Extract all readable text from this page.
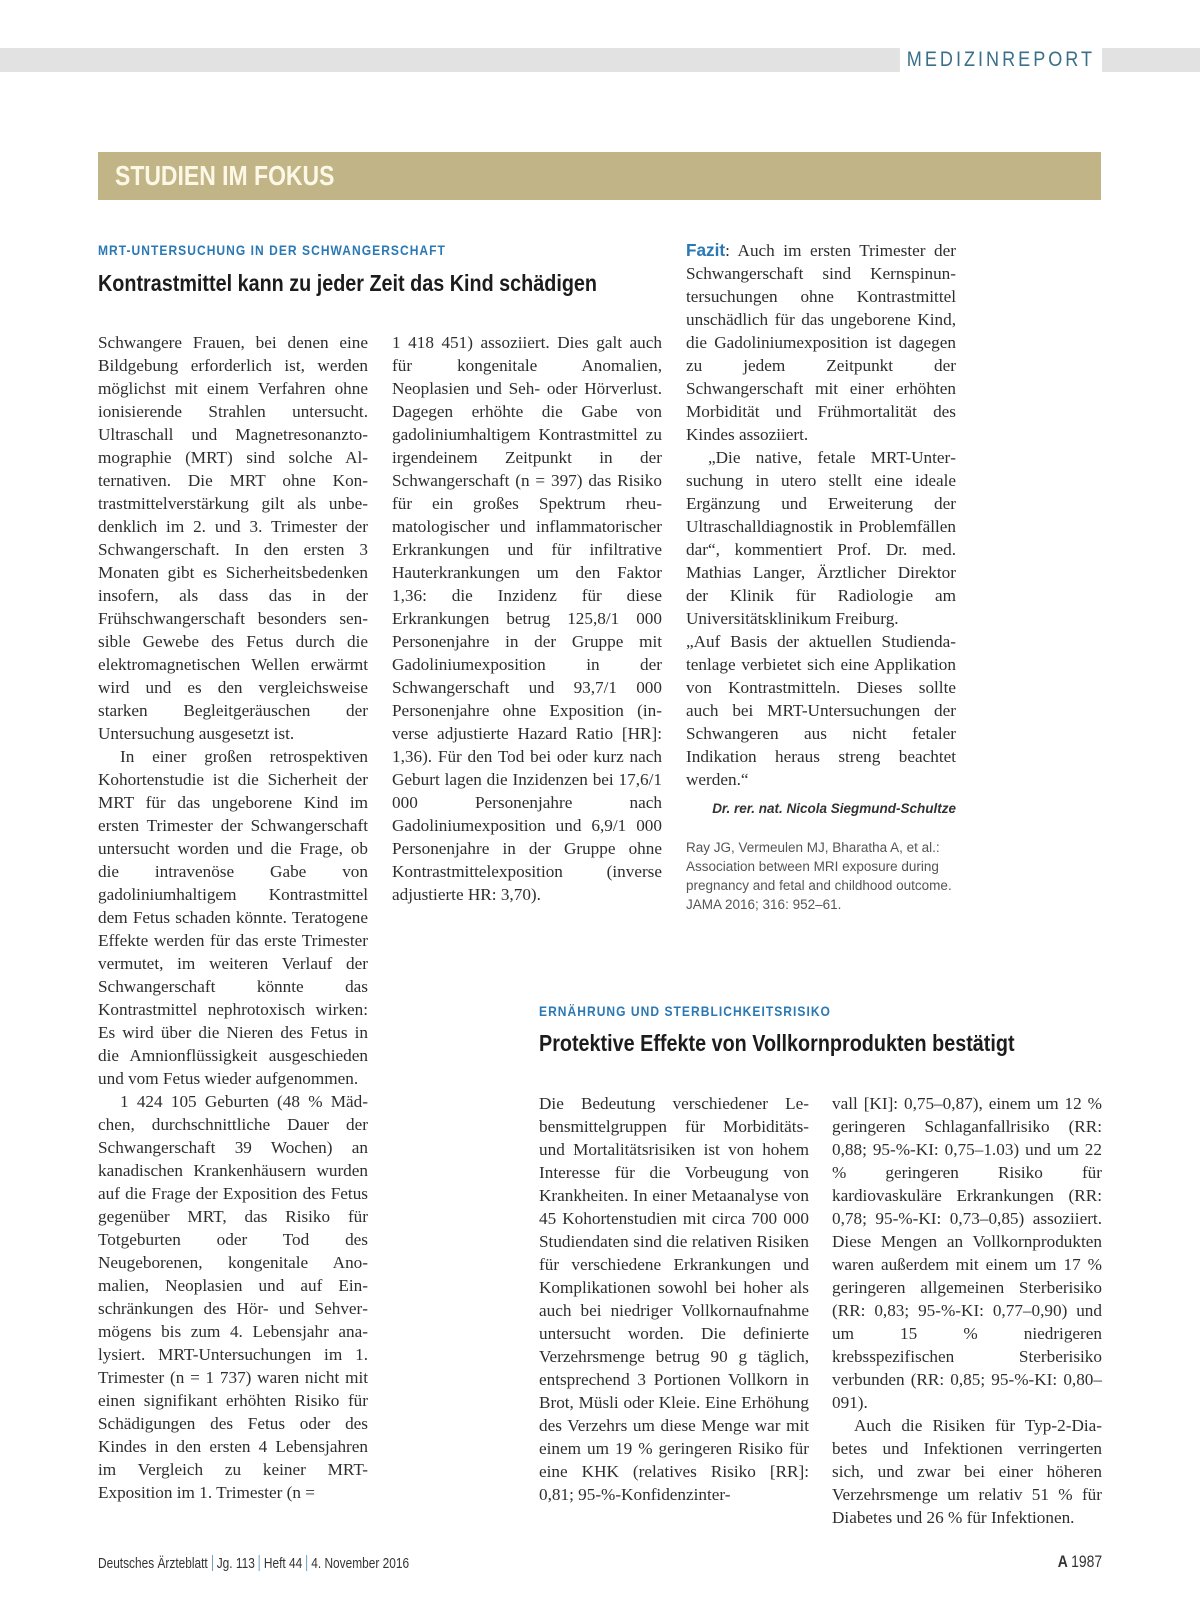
MEDIZINREPORT
STUDIEN IM FOKUS
MRT-UNTERSUCHUNG IN DER SCHWANGERSCHAFT
Kontrastmittel kann zu jeder Zeit das Kind schädigen

Schwangere Frauen, bei denen eine Bildgebung erforderlich ist, werden möglichst mit einem Verfahren ohne ionisierende Strahlen untersucht. Ultraschall und Magnetresonanztomographie (MRT) sind solche Alternativen. Die MRT ohne Kontrastmittelverstärkung gilt als unbedenklich im 2. und 3. Trimester der Schwangerschaft. In den ersten 3 Monaten gibt es Sicherheitsbedenken insofern, als dass das in der Frühschwangerschaft besonders sensible Gewebe des Fetus durch die elektromagnetischen Wellen erwärmt wird und es den vergleichsweise starken Begleitgeräuschen der Untersuchung ausgesetzt ist.

In einer großen retrospektiven Kohortenstudie ist die Sicherheit der MRT für das ungeborene Kind im ersten Trimester der Schwangerschaft untersucht worden und die Frage, ob die intravenöse Gabe von gadoliniumhaltigem Kontrastmittel dem Fetus schaden könnte. Teratogene Effekte werden für das erste Trimester vermutet, im weiteren Verlauf der Schwangerschaft könnte das Kontrastmittel nephrotoxisch wirken: Es wird über die Nieren des Fetus in die Amnionflüssigkeit ausgeschieden und vom Fetus wieder aufgenommen.

1 424 105 Geburten (48 % Mädchen, durchschnittliche Dauer der Schwangerschaft 39 Wochen) an kanadischen Krankenhäusern wurden auf die Frage der Exposition des Fetus gegenüber MRT, das Risiko für Totgeburten oder Tod des Neugeborenen, kongenitale Anomalien, Neoplasien und auf Einschränkungen des Hör- und Sehvermögens bis zum 4. Lebensjahr analysiert. MRT-Untersuchungen im 1. Trimester (n = 1 737) waren nicht mit einen signifikant erhöhten Risiko für Schädigungen des Fetus oder des Kindes in den ersten 4 Lebensjahren im Vergleich zu keiner MRT-Exposition im 1. Trimester (n =

1 418 451) assoziiert. Dies galt auch für kongenitale Anomalien, Neoplasien und Seh- oder Hörverlust. Dagegen erhöhte die Gabe von gadoliniumhaltigem Kontrastmittel zu irgendeinem Zeitpunkt in der Schwangerschaft (n = 397) das Risiko für ein großes Spektrum rheumatologischer und inflammatorischer Erkrankungen und für infiltrative Hauterkrankungen um den Faktor 1,36: die Inzidenz für diese Erkrankungen betrug 125,8/1 000 Personenjahre in der Gruppe mit Gadoliniumexposition in der Schwangerschaft und 93,7/1 000 Personenjahre ohne Exposition (inverse adjustierte Hazard Ratio [HR]: 1,36). Für den Tod bei oder kurz nach Geburt lagen die Inzidenzen bei 17,6/1 000 Personenjahre nach Gadoliniumexposition und 6,9/1 000 Personenjahre in der Gruppe ohne Kontrastmittelexposition (inverse adjustierte HR: 3,70).

Fazit: Auch im ersten Trimester der Schwangerschaft sind Kernspinuntersuchungen ohne Kontrastmittel unschädlich für das ungeborene Kind, die Gadoliniumexposition ist dagegen zu jedem Zeitpunkt der Schwangerschaft mit einer erhöhten Morbidität und Frühmortalität des Kindes assoziiert.

„Die native, fetale MRT-Untersuchung in utero stellt eine ideale Ergänzung und Erweiterung der Ultraschalldiagnostik in Problemfällen dar“, kommentiert Prof. Dr. med. Mathias Langer, Ärztlicher Direktor der Klinik für Radiologie am Universitätsklinikum Freiburg.

„Auf Basis der aktuellen Studiendatenlage verbietet sich eine Applikation von Kontrastmitteln. Dieses sollte auch bei MRT-Untersuchungen der Schwangeren aus nicht fetaler Indikation heraus streng beachtet werden.“

Dr. rer. nat. Nicola Siegmund-Schultze
Ray JG, Vermeulen MJ, Bharatha A, et al.: Association between MRI exposure during pregnancy and fetal and childhood outcome. JAMA 2016; 316: 952–61.
ERNÄHRUNG UND STERBLICHKEITSRISIKO
Protektive Effekte von Vollkornprodukten bestätigt

Die Bedeutung verschiedener Lebensmittelgruppen für Morbiditäts- und Mortalitätsrisiken ist von hohem Interesse für die Vorbeugung von Krankheiten. In einer Metaanalyse von 45 Kohortenstudien mit circa 700 000 Studiendaten sind die relativen Risiken für verschiedene Erkrankungen und Komplikationen sowohl bei hoher als auch bei niedriger Vollkornaufnahme untersucht worden. Die definierte Verzehrsmenge betrug 90 g täglich, entsprechend 3 Portionen Vollkorn in Brot, Müsli oder Kleie. Eine Erhöhung des Verzehrs um diese Menge war mit einem um 19 % geringeren Risiko für eine KHK (relatives Risiko [RR]: 0,81; 95-%-Konfidenzinter-

vall [KI]: 0,75–0,87), einem um 12 % geringeren Schlaganfallrisiko (RR: 0,88; 95-%-KI: 0,75–1.03) und um 22 % geringeren Risiko für kardiovaskuläre Erkrankungen (RR: 0,78; 95-%-KI: 0,73–0,85) assoziiert. Diese Mengen an Vollkornprodukten waren außerdem mit einem um 17 % geringeren allgemeinen Sterberisiko (RR: 0,83; 95-%-KI: 0,77–0,90) und um 15 % niedrigeren krebsspezifischen Sterberisiko verbunden (RR: 0,85; 95-%-KI: 0,80–091).

Auch die Risiken für Typ-2-Diabetes und Infektionen verringerten sich, und zwar bei einer höheren Verzehrsmenge um relativ 51 % für Diabetes und 26 % für Infektionen.

Deutsches Ärzteblatt Jg. 113 Heft 44 4. November 2016	A 1987
